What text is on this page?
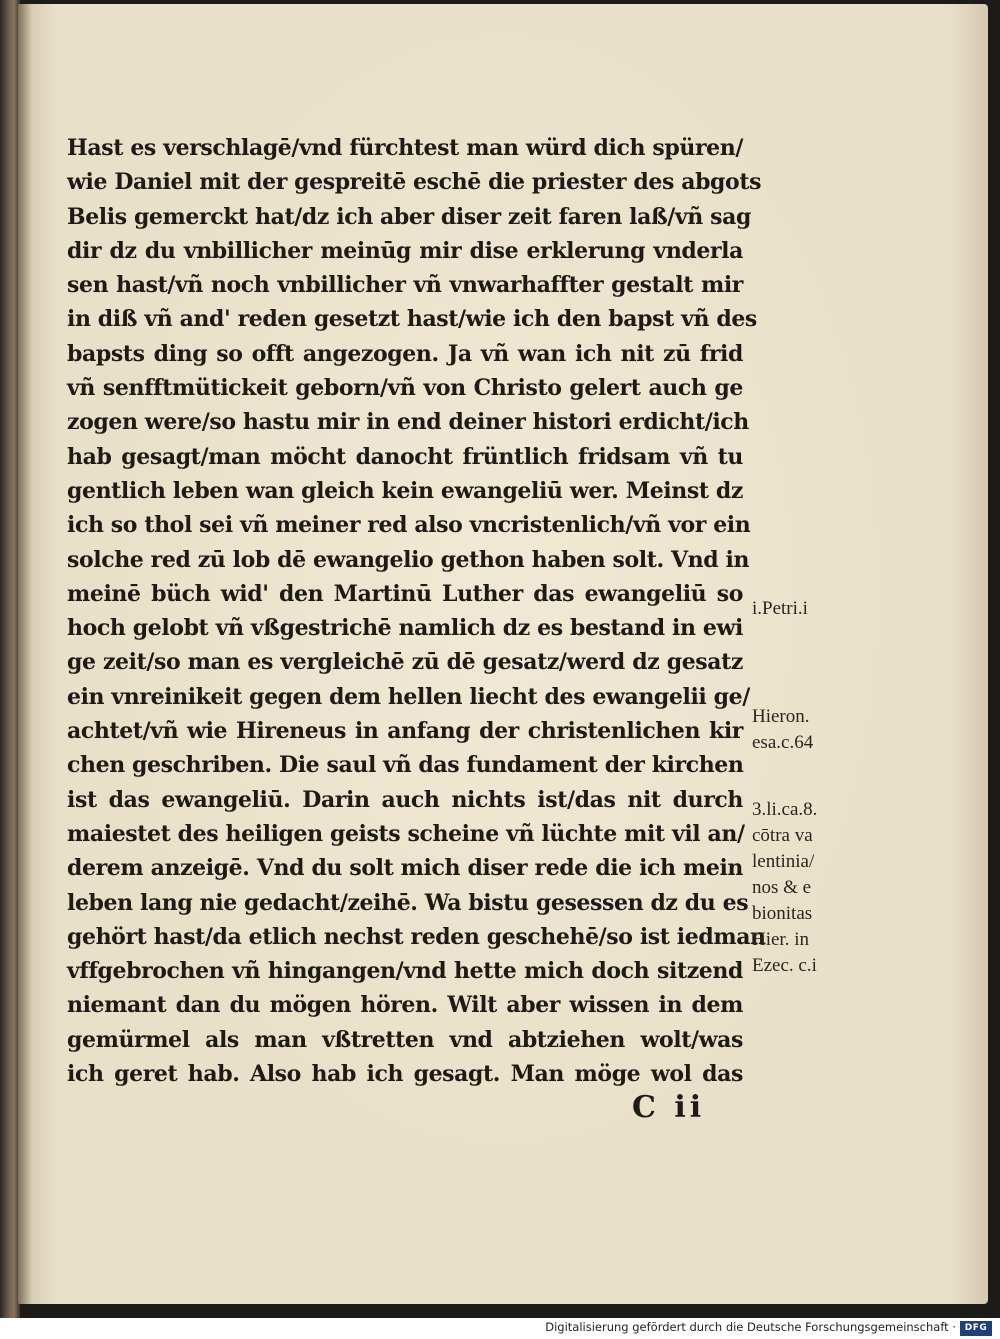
Hast es verschlagē/vnd fürchtest man würd dich spüren/
wie Daniel mit der gespreitē eschē die priester des abgots
Belis gemerckt hat/dz ich aber diser zeit faren laß/vñ sag
dir dz du vnbillicher meinūg mir dise erklerung vnderla
sen hast/vñ noch vnbillicher vñ vnwarhaffter gestalt mir
in diß vñ and' reden gesetzt hast/wie ich den bapst vñ des
bapsts ding so offt angezogen. Ja vñ wan ich nit zū frid
vñ senfftmütickeit geborn/vñ von Christo gelert auch ge
zogen were/so hastu mir in end deiner histori erdicht/ich
hab gesagt/man möcht danocht früntlich fridsam vñ tu
gentlich leben wan gleich kein ewangeliū wer. Meinst dz
ich so thol sei vñ meiner red also vncristenlich/vñ vor ein
solche red zū lob dē ewangelio gethon haben solt. Vnd in
meinē büch wid' den Martinū Luther das ewangeliū so
hoch gelobt vñ vßgestrichē namlich dz es bestand in ewi
ge zeit/so man es vergleichē zū dē gesatz/werd dz gesatz
ein vnreinikeit gegen dem hellen liecht des ewangelii ge/
achtet/vñ wie Hireneus in anfang der christenlichen kir
chen geschriben. Die saul vñ das fundament der kirchen
ist das ewangeliū. Darin auch nichts ist/das nit durch
maiestet des heiligen geists scheine vñ lüchte mit vil an/
derem anzeigē. Vnd du solt mich diser rede die ich mein
leben lang nie gedacht/zeihē. Wa bistu gesessen dz du es
gehört hast/da etlich nechst reden geschehē/so ist iedman
vffgebrochen vñ hingangen/vnd hette mich doch sitzend
niemant dan du mögen hören. Wilt aber wissen in dem
gemürmel als man vßtretten vnd abtziehen wolt/was
ich geret hab. Also hab ich gesagt. Man möge wol das
i.Petri.i
Hieron.
esa.c.64
3.li.ca.8.
cōtra va
lentinia/
nos & e
bionitas
Hier. in
Ezec. c.i
C ii
Digitalisierung gefördert durch die Deutsche Forschungsgemeinschaft · DFG
